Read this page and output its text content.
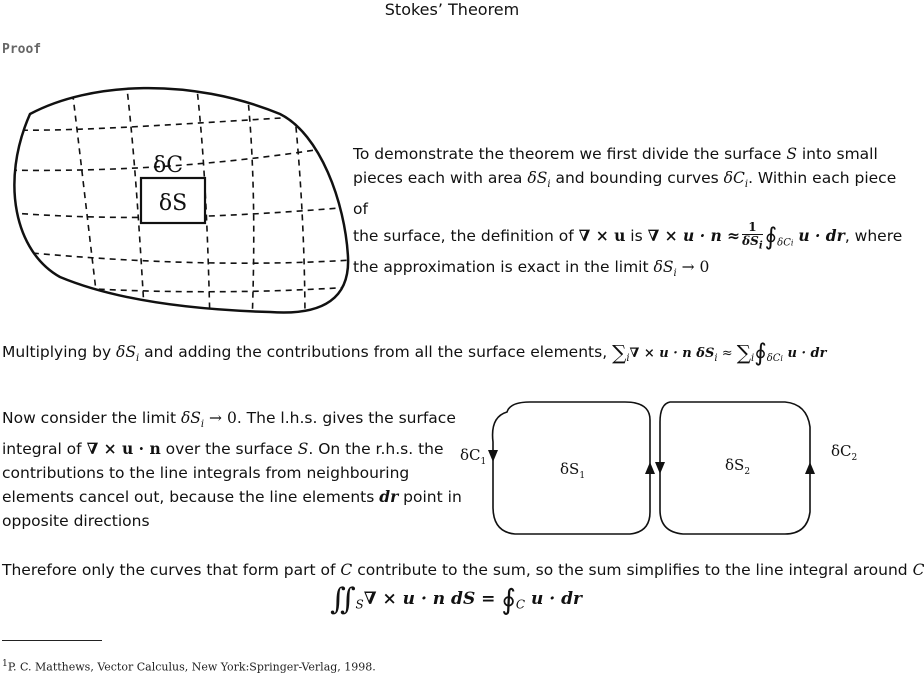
Stokes’ Theorem
Proof
δC
δS
To demonstrate the theorem we first divide the surface S into small
pieces each with area $\delta S_i$ and bounding curves $\delta C_i$. Within each piece of
the surface, the definition of ∇ × u is ∇ × $u \cdot n \approx \frac{1}{\delta S_i}$ $∮_{\delta Ci}$ u · dr, where
the approximation is exact in the limit $\delta S_i \to 0$
Multiplying by $\delta S_i$ and adding the contributions from all the surface elements, $\sum_i\nabla \times u \cdot n$ $\delta S_i$ ≈ $\sum_i∮_{\delta Ci}$ u · dr
Now consider the limit $\delta S_i \to 0$. The l.h.s. gives the surface
integral of ∇ × u · n over the surface S. On the r.h.s. the
contributions to the line integrals from neighbouring
elements cancel out, because the line elements dr point in
opposite directions
$\delta C_1$	$\delta S_1$
$\delta S_2$
$\delta C_2$
Therefore only the curves that form part of C contribute to the sum, so the sum simplifies to the line integral around C
$∬_S\nabla \times u \cdot n$ dS = $∮_C$ u · dr
$^1$P. C. Matthews, Vector Calculus, New York:Springer-Verlag, 1998.
